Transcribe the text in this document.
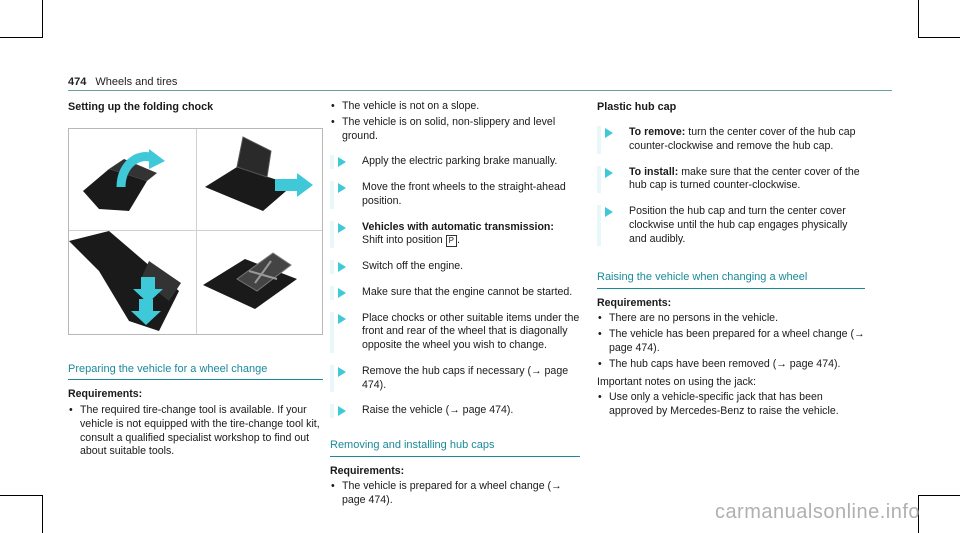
474 Wheels and tires
Setting up the folding chock
Preparing the vehicle for a wheel change
Requirements:
• The required tire-change tool is available. If your vehicle is not equipped with the tire-change tool kit, consult a qualified specialist workshop to find out about suitable tools.
• The vehicle is not on a slope.
• The vehicle is on solid, non-slippery and level ground.
Apply the electric parking brake manually.
Move the front wheels to the straight-ahead position.
Vehicles with automatic transmission:
Shift into position P .
Switch off the engine.
Make sure that the engine cannot be started.
Place chocks or other suitable items under the front and rear of the wheel that is diagonally opposite the wheel you wish to change.
Remove the hub caps if necessary (→ page 474).
Raise the vehicle (→ page 474).
Removing and installing hub caps
Requirements:
• The vehicle is prepared for a wheel change (→ page 474).
Plastic hub cap
To remove: turn the center cover of the hub cap counter-clockwise and remove the hub cap.
To install: make sure that the center cover of the hub cap is turned counter-clockwise.
Position the hub cap and turn the center cover clockwise until the hub cap engages physically and audibly.
Raising the vehicle when changing a wheel
Requirements:
• There are no persons in the vehicle.
• The vehicle has been prepared for a wheel change (→ page 474).
• The hub caps have been removed (→ page 474).
Important notes on using the jack:
• Use only a vehicle-specific jack that has been approved by Mercedes-Benz to raise the vehicle.
carmanualsonline.info
